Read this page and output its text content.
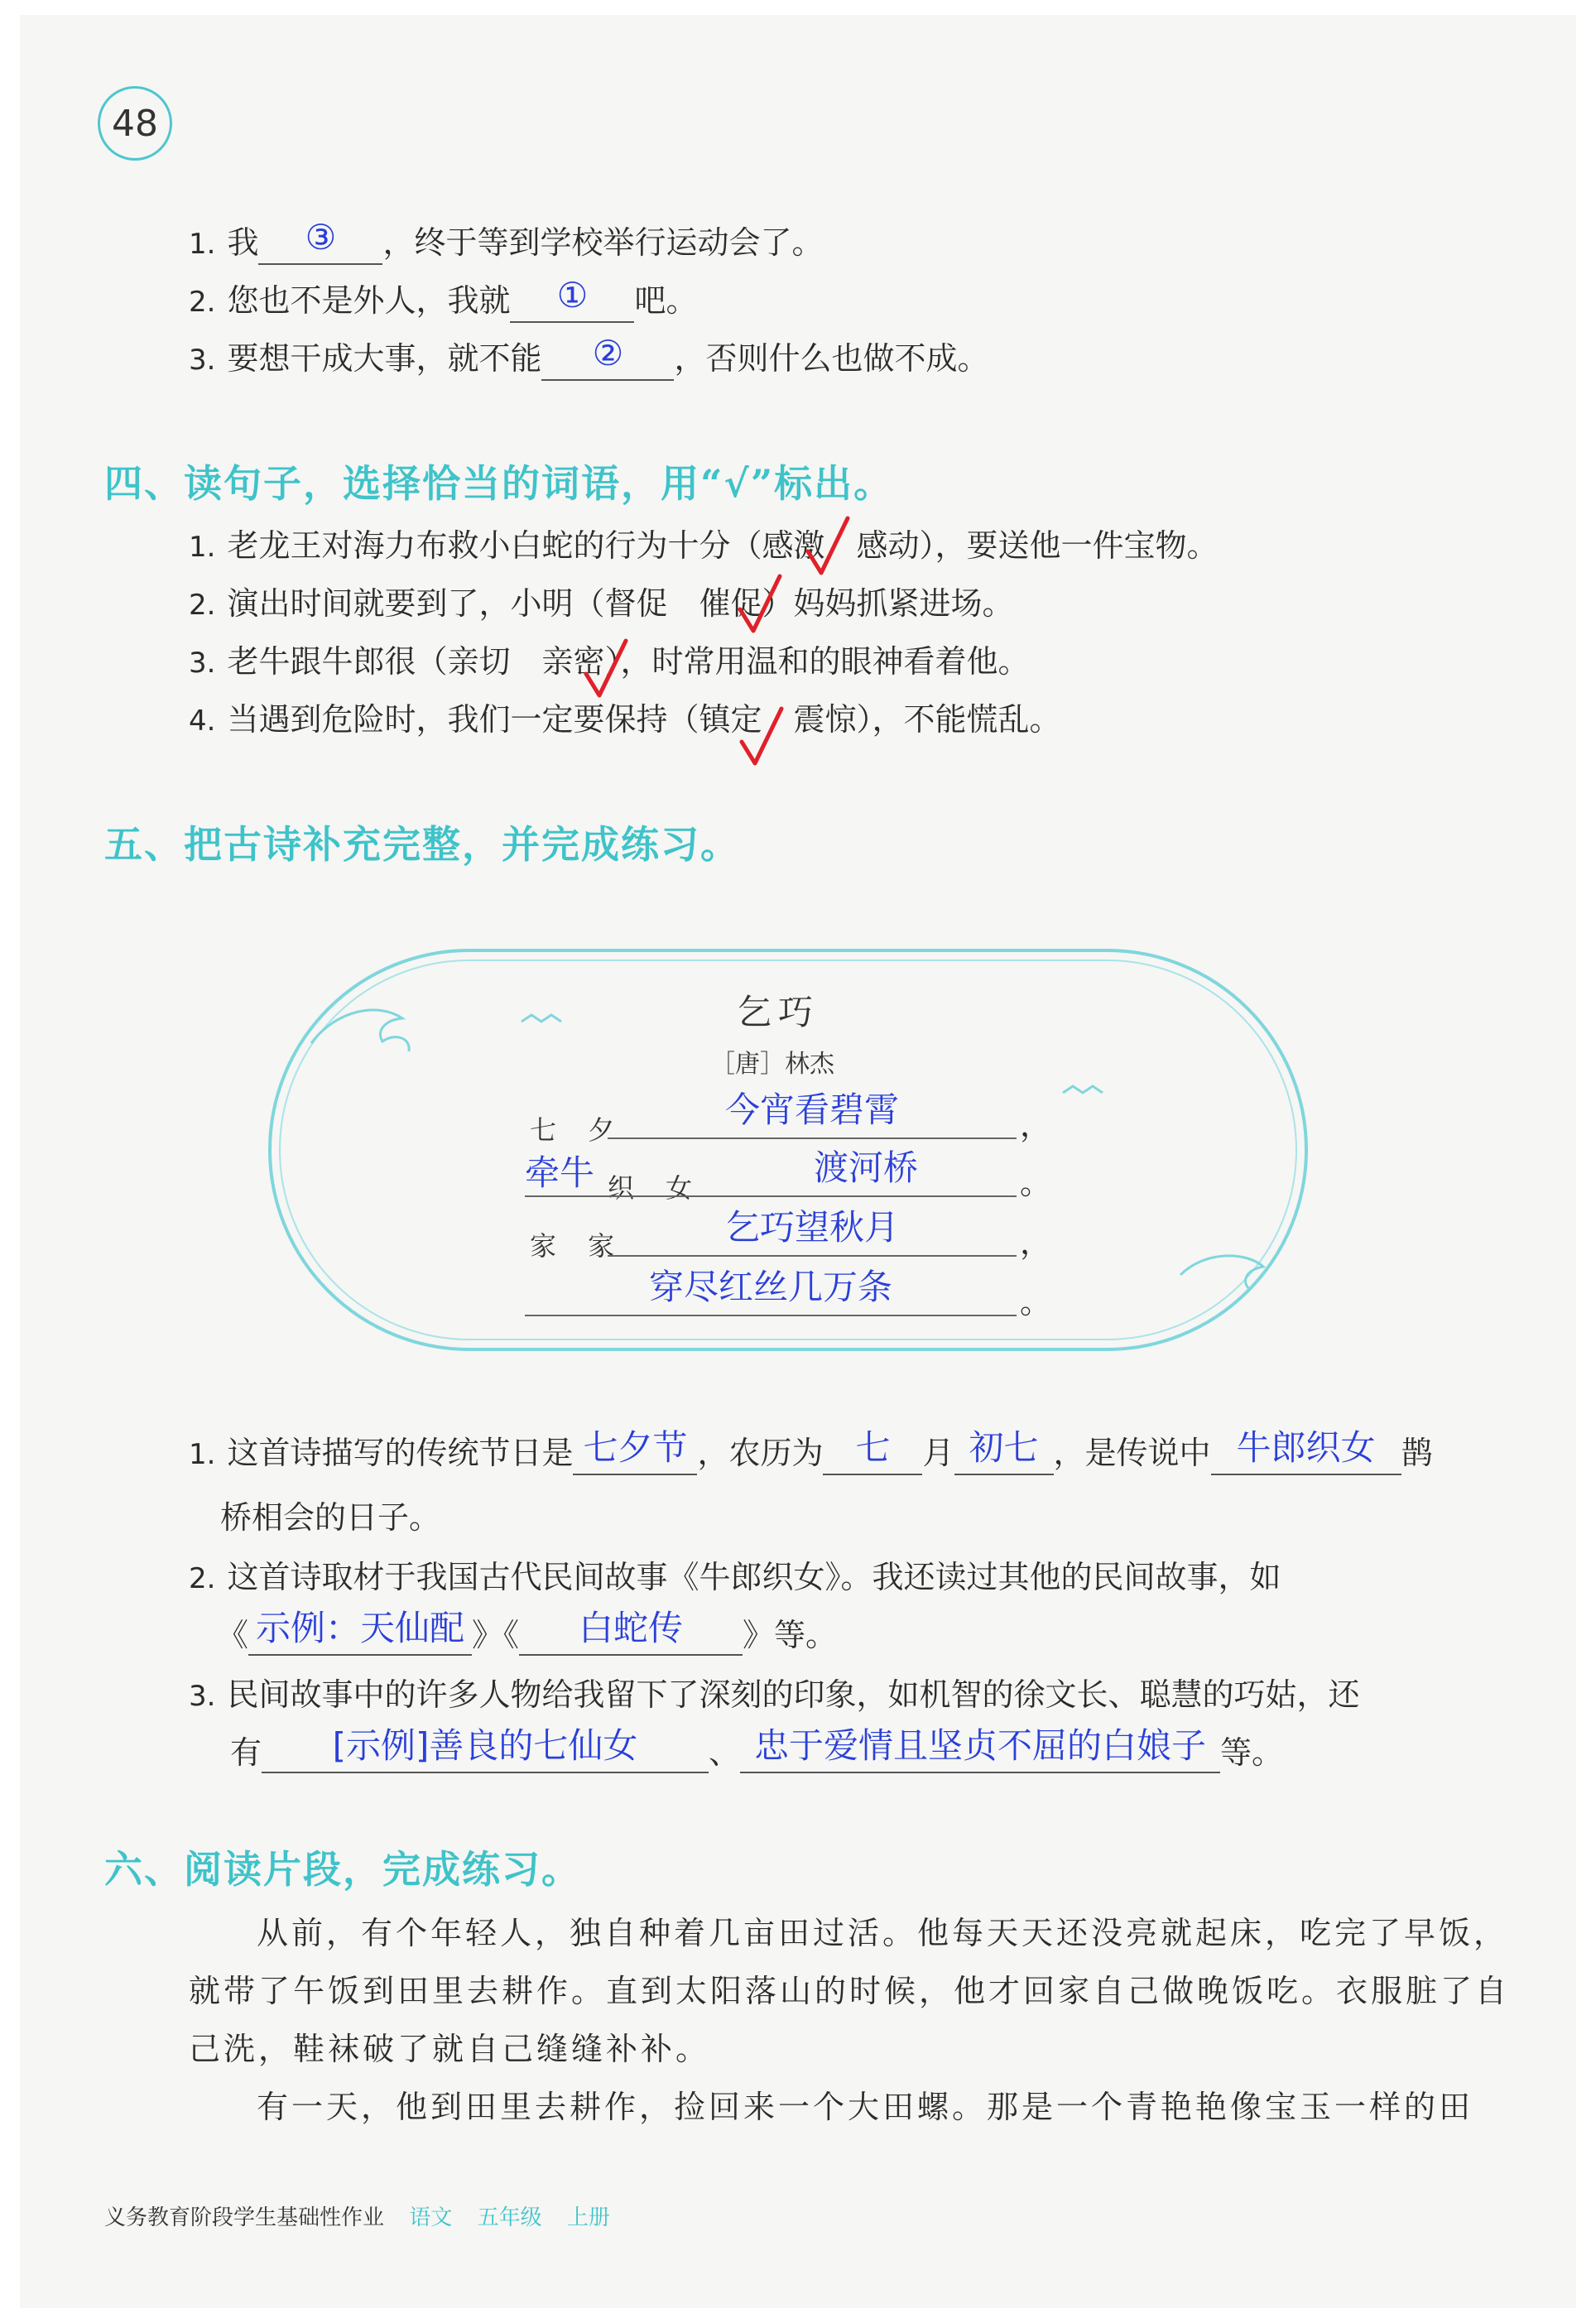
48
1. 我	③	，终于等到学校举行运动会了。
2. 您也不是外人，我就	①	吧。
3. 要想干成大事，就不能	②	，否则什么也做不成。
四、读句子，选择恰当的词语，用“√”标出。
1. 老龙王对海力布救小白蛇的行为十分（感激 感动），要送他一件宝物。
2. 演出时间就要到了，小明（督促 催促）妈妈抓紧进场。
3. 老牛跟牛郎很（亲切 亲密），时常用温和的眼神看着他。
4. 当遇到危险时，我们一定要保持（镇定 震惊），不能慌乱。
五、把古诗补充完整，并完成练习。
乞巧
［唐］林杰
七 夕	今宵看碧霄	，
牵牛 织 女	渡河桥	。
家 家	乞巧望秋月	，
穿尽红丝几万条	。
1. 这首诗描写的传统节日是 七夕节 ，农历为 七	月 初七 ，是传说中 牛郎织女 鹊
桥相会的日子。
2. 这首诗取材于我国古代民间故事《牛郎织女》。我还读过其他的民间故事，如
《 示例：天仙配 》《	白蛇传	》等。
3. 民间故事中的许多人物给我留下了深刻的印象，如机智的徐文长、聪慧的巧姑，还
有	[示例]善良的七仙女	、 忠于爱情且坚贞不屈的白娘子 等。
六、阅读片段，完成练习。
从前，有个年轻人，独自种着几亩田过活。他每天天还没亮就起床，吃完了早饭，
就带了午饭到田里去耕作。直到太阳落山的时候，他才回家自己做晚饭吃。衣服脏了自
己洗，鞋袜破了就自己缝缝补补。
有一天，他到田里去耕作，捡回来一个大田螺。那是一个青艳艳像宝玉一样的田
义务教育阶段学生基础性作业 语文 五年级 上册
